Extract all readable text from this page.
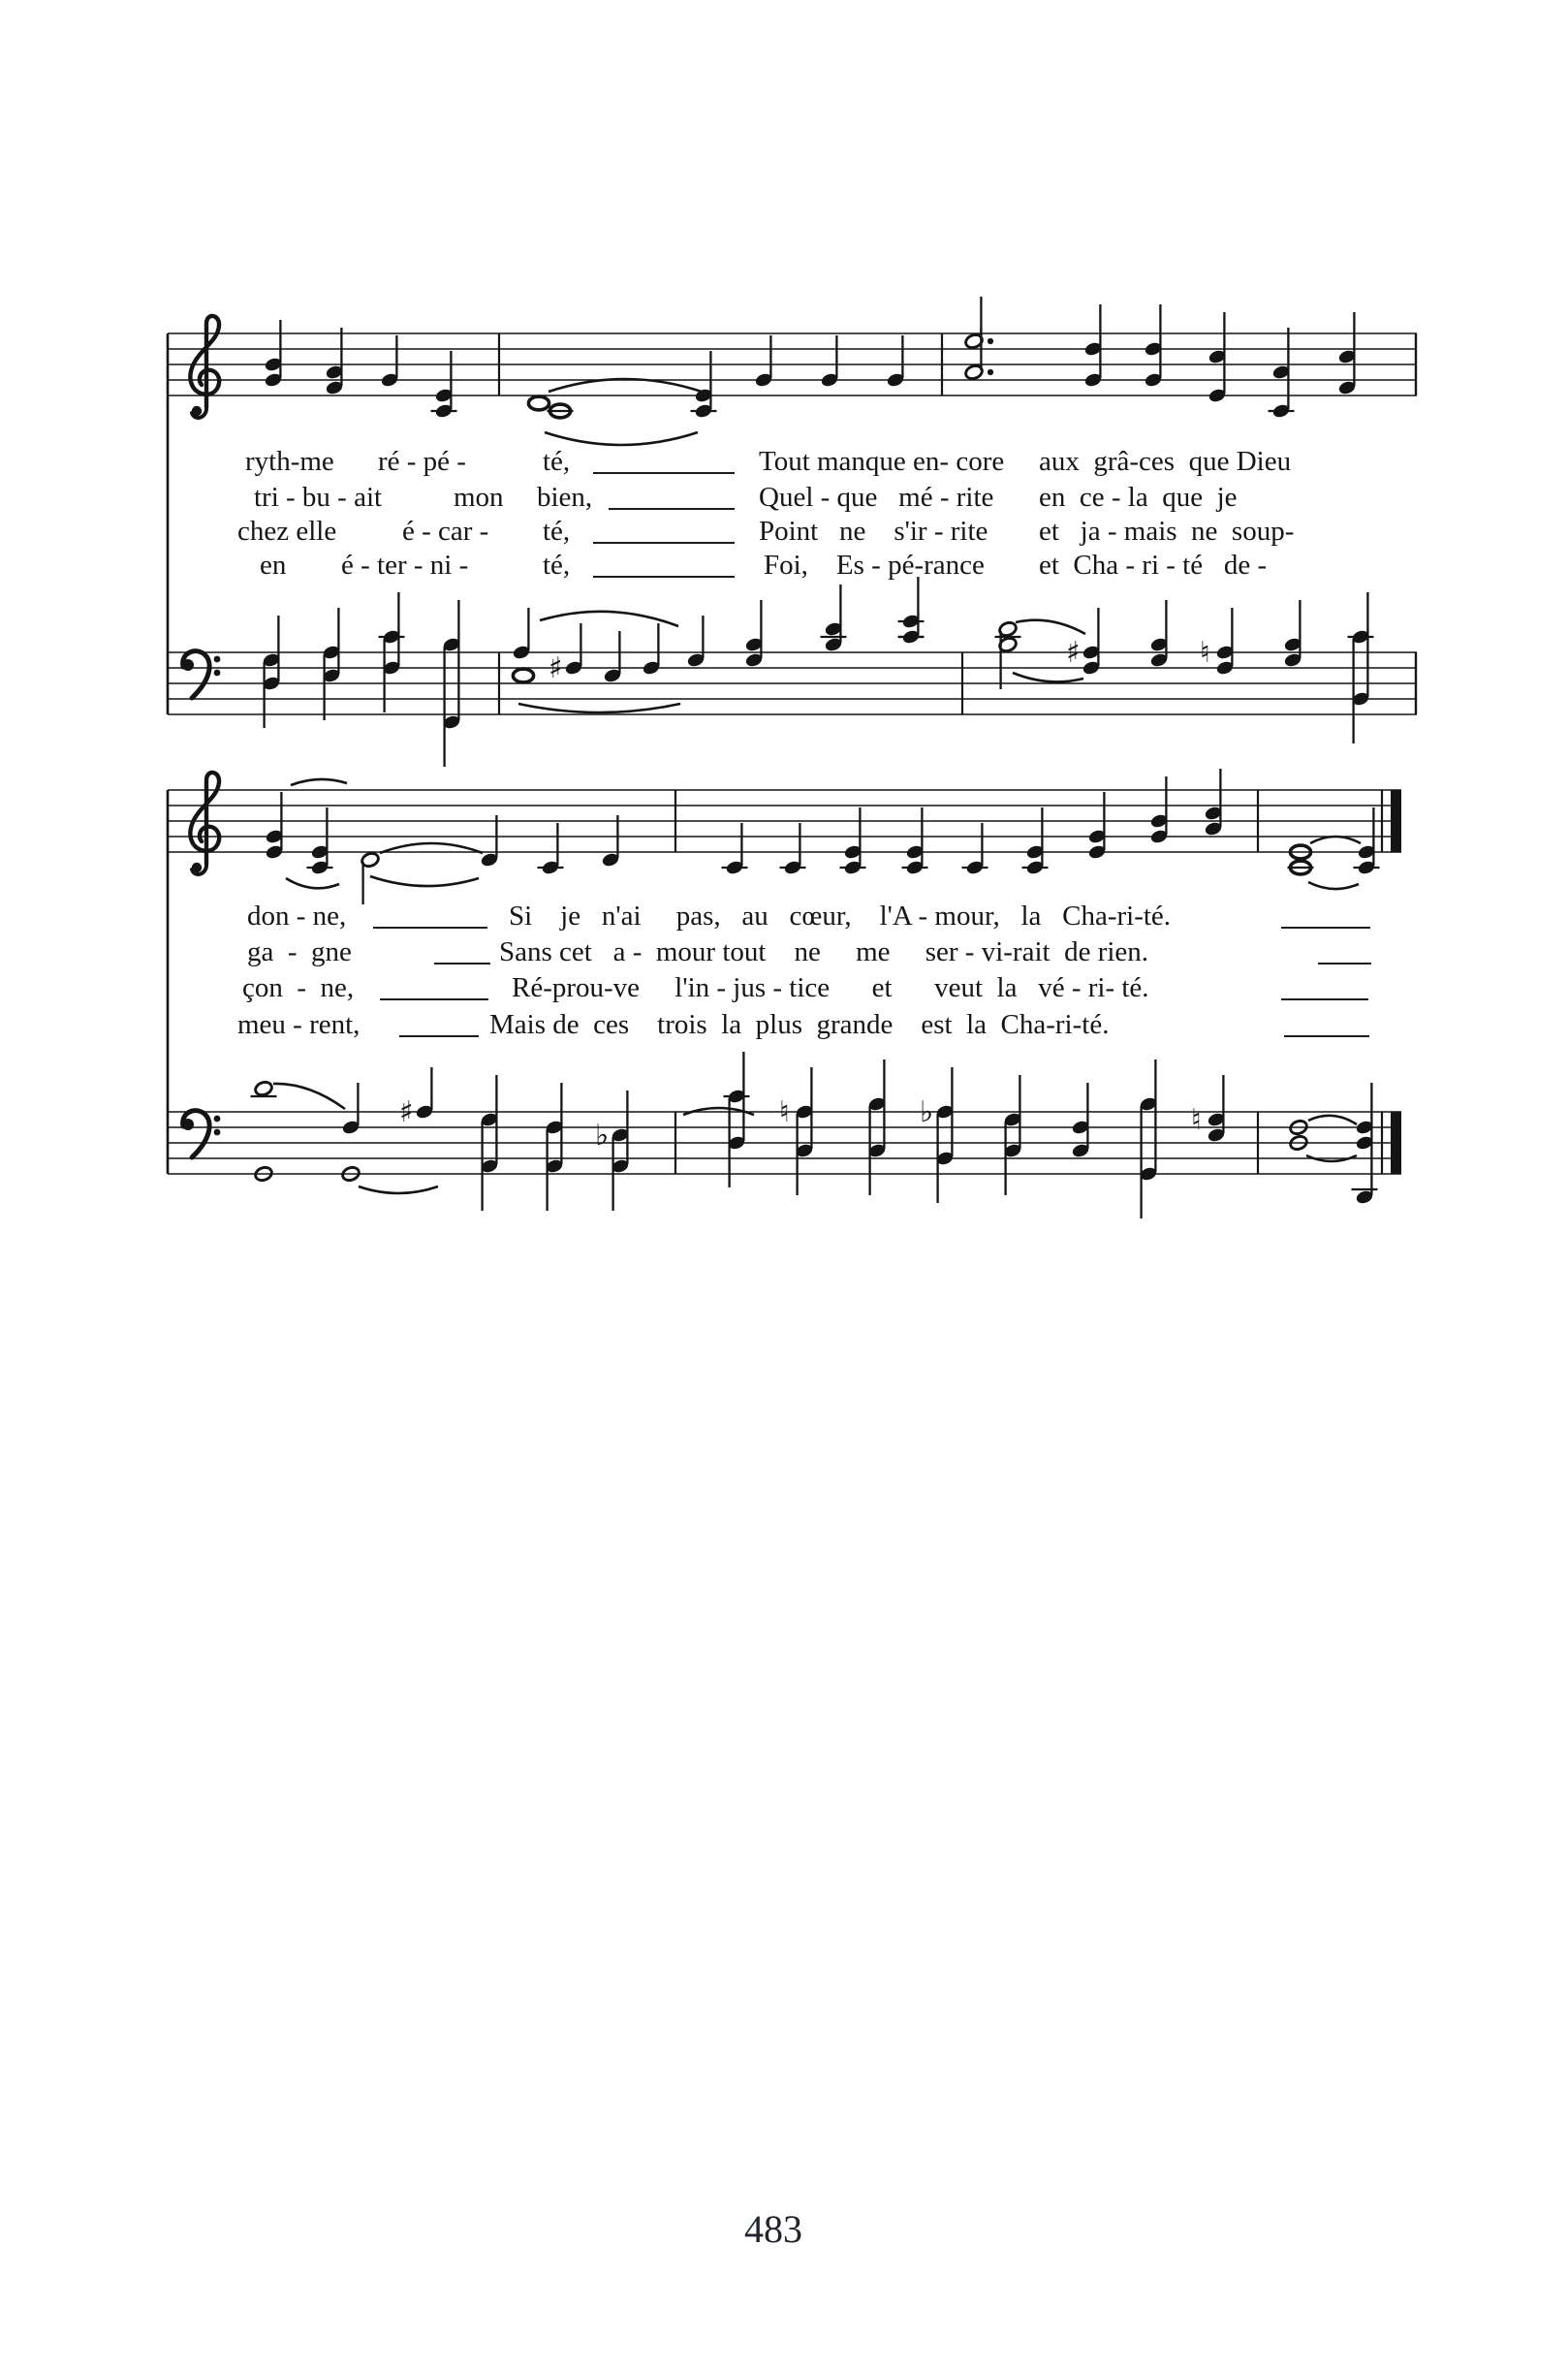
♯	♯	♮
♯
♭
♮	♭	♮
ryth-me ré - pé -	té,	Tout manque en- core aux  grâ-ces  que Dieu
tri - bu - ait	mon bien,	Quel - que   mé - rite en  ce - la  que  je
chez elle é - car - té,	Point   ne    s'ir - rite et   ja - mais  ne  soup-
en é - ter - ni -	té,	Foi,    Es - pé-rance et  Cha - ri - té   de -
don - ne,	Si    je   n'ai     pas,   au   cœur,    l'A - mour,   la   Cha-ri-té.
ga  -  gne	Sans cet   a -  mour tout    ne     me     ser - vi-rait  de rien.
çon  -  ne,	Ré-prou-ve     l'in - jus - tice      et      veut  la   vé - ri- té.
meu - rent,	Mais de  ces    trois  la  plus  grande    est  la  Cha-ri-té.
483
